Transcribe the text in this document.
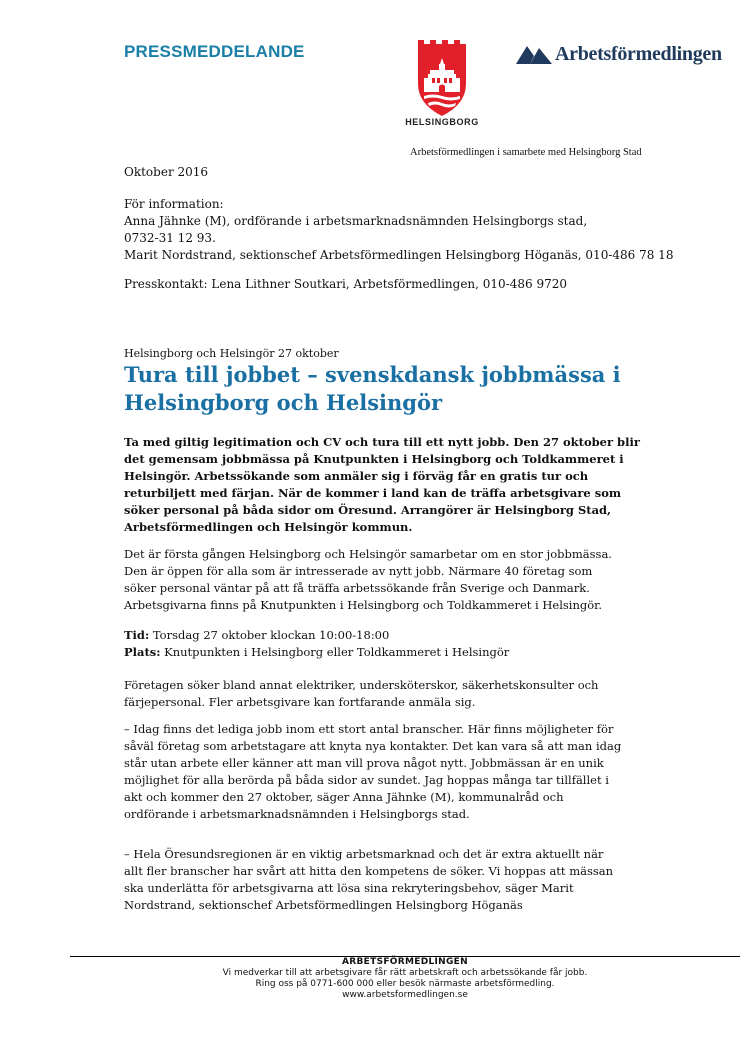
PRESSMEDDELANDE
HELSINGBORG
Arbetsförmedlingen
Arbetsförmedlingen i samarbete med Helsingborg Stad
Oktober 2016
För information:
Anna Jähnke (M), ordförande i arbetsmarknadsnämnden Helsingborgs stad,
0732-31 12 93.
Marit Nordstrand, sektionschef Arbetsförmedlingen Helsingborg Höganäs, 010-486 78 18
Presskontakt: Lena Lithner Soutkari, Arbetsförmedlingen, 010-486 9720
Helsingborg och Helsingör 27 oktober
Tura till jobbet – svenskdansk jobbmässa i
Helsingborg och Helsingör
Ta med giltig legitimation och CV och tura till ett nytt jobb. Den 27 oktober blir
det gemensam jobbmässa på Knutpunkten i Helsingborg och Toldkammeret i
Helsingör. Arbetssökande som anmäler sig i förväg får en gratis tur och
returbiljett med färjan. När de kommer i land kan de träffa arbetsgivare som
söker personal på båda sidor om Öresund. Arrangörer är Helsingborg Stad,
Arbetsförmedlingen och Helsingör kommun.
Det är första gången Helsingborg och Helsingör samarbetar om en stor jobbmässa.
Den är öppen för alla som är intresserade av nytt jobb. Närmare 40 företag som
söker personal väntar på att få träffa arbetssökande från Sverige och Danmark.
Arbetsgivarna finns på Knutpunkten i Helsingborg och Toldkammeret i Helsingör.
Tid: Torsdag 27 oktober klockan 10:00-18:00
Plats: Knutpunkten i Helsingborg eller Toldkammeret i Helsingör
Företagen söker bland annat elektriker, undersköterskor, säkerhetskonsulter och
färjepersonal. Fler arbetsgivare kan fortfarande anmäla sig.
– Idag finns det lediga jobb inom ett stort antal branscher. Här finns möjligheter för
såväl företag som arbetstagare att knyta nya kontakter. Det kan vara så att man idag
står utan arbete eller känner att man vill prova något nytt. Jobbmässan är en unik
möjlighet för alla berörda på båda sidor av sundet. Jag hoppas många tar tillfället i
akt och kommer den 27 oktober, säger Anna Jähnke (M), kommunalråd och
ordförande i arbetsmarknadsnämnden i Helsingborgs stad.
– Hela Öresundsregionen är en viktig arbetsmarknad och det är extra aktuellt när
allt fler branscher har svårt att hitta den kompetens de söker. Vi hoppas att mässan
ska underlätta för arbetsgivarna att lösa sina rekryteringsbehov, säger Marit
Nordstrand, sektionschef Arbetsförmedlingen Helsingborg Höganäs
ARBETSFÖRMEDLINGEN
Vi medverkar till att arbetsgivare får rätt arbetskraft och arbetssökande får jobb.
Ring oss på 0771-600 000 eller besök närmaste arbetsförmedling.
www.arbetsformedlingen.se
